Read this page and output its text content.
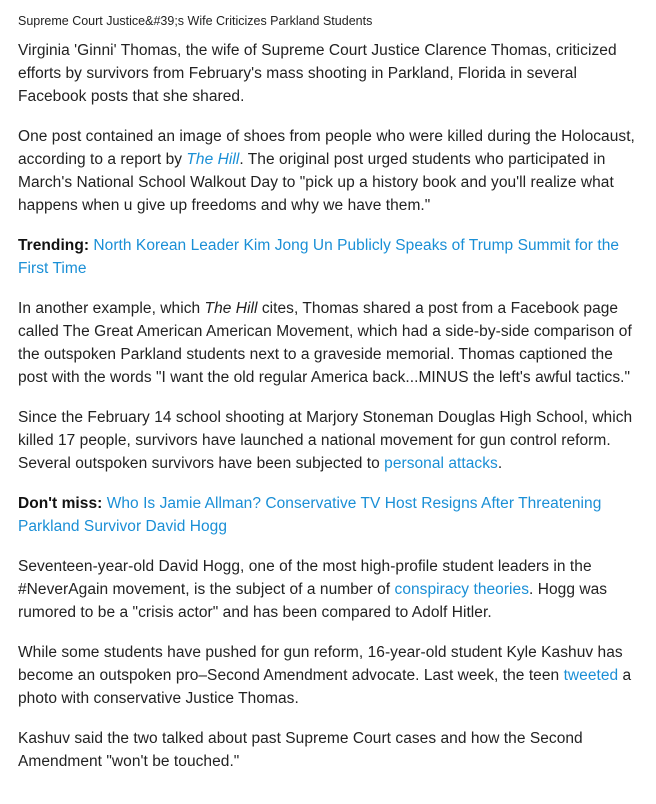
Supreme Court Justice&#39;s Wife Criticizes Parkland Students

Virginia 'Ginni' Thomas, the wife of Supreme Court Justice Clarence Thomas, criticized efforts by survivors from February's mass shooting in Parkland, Florida in several Facebook posts that she shared.

One post contained an image of shoes from people who were killed during the Holocaust, according to a report by The Hill. The original post urged students who participated in March's National School Walkout Day to "pick up a history book and you'll realize what happens when u give up freedoms and why we have them."

Trending: North Korean Leader Kim Jong Un Publicly Speaks of Trump Summit for the First Time

In another example, which The Hill cites, Thomas shared a post from a Facebook page called The Great American American Movement, which had a side-by-side comparison of the outspoken Parkland students next to a graveside memorial. Thomas captioned the post with the words "I want the old regular America back...MINUS the left's awful tactics."

Since the February 14 school shooting at Marjory Stoneman Douglas High School, which killed 17 people, survivors have launched a national movement for gun control reform. Several outspoken survivors have been subjected to personal attacks.

Don't miss: Who Is Jamie Allman? Conservative TV Host Resigns After Threatening Parkland Survivor David Hogg

Seventeen-year-old David Hogg, one of the most high-profile student leaders in the #NeverAgain movement, is the subject of a number of conspiracy theories. Hogg was rumored to be a "crisis actor" and has been compared to Adolf Hitler.

While some students have pushed for gun reform, 16-year-old student Kyle Kashuv has become an outspoken pro–Second Amendment advocate. Last week, the teen tweeted a photo with conservative Justice Thomas.

Kashuv said the two talked about past Supreme Court cases and how the Second Amendment "won't be touched."
